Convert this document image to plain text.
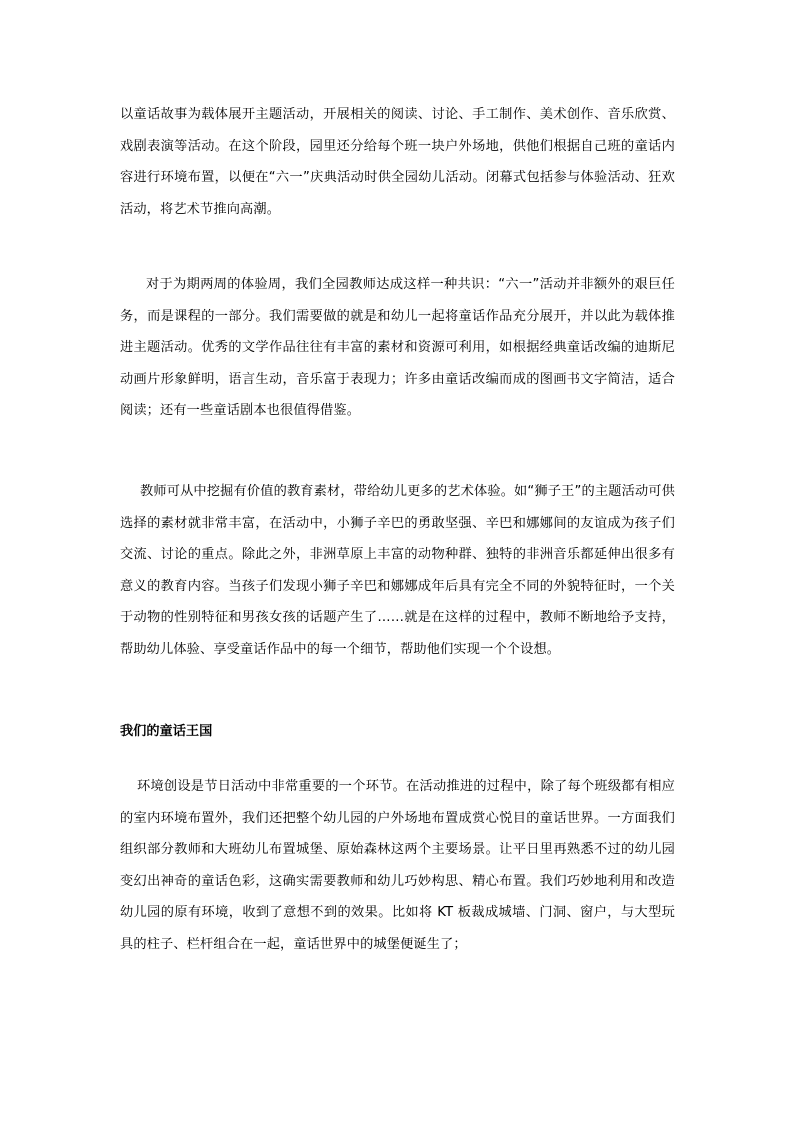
以童话故事为载体展开主题活动，开展相关的阅读、讨论、手工制作、美术创作、音乐欣赏、戏剧表演等活动。在这个阶段，园里还分给每个班一块户外场地，供他们根据自己班的童话内容进行环境布置，以便在“六一”庆典活动时供全园幼儿活动。闭幕式包括参与体验活动、狂欢活动，将艺术节推向高潮。

对于为期两周的体验周，我们全园教师达成这样一种共识：“六一”活动并非额外的艰巨任务，而是课程的一部分。我们需要做的就是和幼儿一起将童话作品充分展开，并以此为载体推进主题活动。优秀的文学作品往往有丰富的素材和资源可利用，如根据经典童话改编的迪斯尼动画片形象鲜明，语言生动，音乐富于表现力；许多由童话改编而成的图画书文字简洁，适合阅读；还有一些童话剧本也很值得借鉴。

教师可从中挖掘有价值的教育素材，带给幼儿更多的艺术体验。如“狮子王”的主题活动可供选择的素材就非常丰富，在活动中，小狮子辛巴的勇敢坚强、辛巴和娜娜间的友谊成为孩子们交流、讨论的重点。除此之外，非洲草原上丰富的动物种群、独特的非洲音乐都延伸出很多有意义的教育内容。当孩子们发现小狮子辛巴和娜娜成年后具有完全不同的外貌特征时，一个关于动物的性别特征和男孩女孩的话题产生了……就是在这样的过程中，教师不断地给予支持，帮助幼儿体验、享受童话作品中的每一个细节，帮助他们实现一个个设想。

我们的童话王国

环境创设是节日活动中非常重要的一个环节。在活动推进的过程中，除了每个班级都有相应的室内环境布置外，我们还把整个幼儿园的户外场地布置成赏心悦目的童话世界。一方面我们组织部分教师和大班幼儿布置城堡、原始森林这两个主要场景。让平日里再熟悉不过的幼儿园变幻出神奇的童话色彩，这确实需要教师和幼儿巧妙构思、精心布置。我们巧妙地利用和改造幼儿园的原有环境，收到了意想不到的效果。比如将 KT 板裁成城墙、门洞、窗户，与大型玩具的柱子、栏杆组合在一起，童话世界中的城堡便诞生了；
